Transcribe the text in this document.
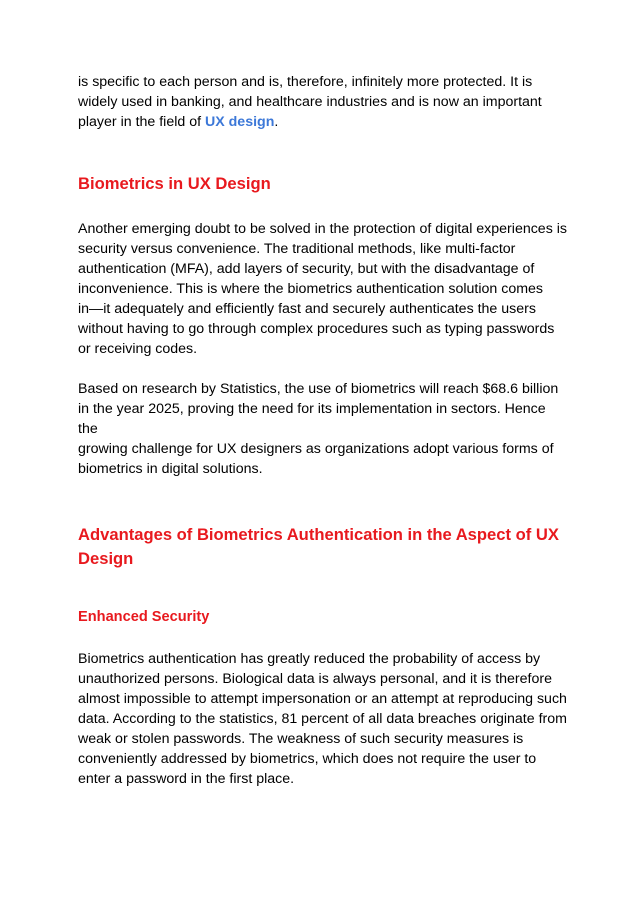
is specific to each person and is, therefore, infinitely more protected. It is
widely used in banking, and healthcare industries and is now an important
player in the field of UX design.

Biometrics in UX Design

Another emerging doubt to be solved in the protection of digital experiences is
security versus convenience. The traditional methods, like multi-factor
authentication (MFA), add layers of security, but with the disadvantage of
inconvenience. This is where the biometrics authentication solution comes
in—it adequately and efficiently fast and securely authenticates the users
without having to go through complex procedures such as typing passwords
or receiving codes.

Based on research by Statistics, the use of biometrics will reach $68.6 billion
in the year 2025, proving the need for its implementation in sectors. Hence the
growing challenge for UX designers as organizations adopt various forms of
biometrics in digital solutions.

Advantages of Biometrics Authentication in the Aspect of UX
Design
Enhanced Security

Biometrics authentication has greatly reduced the probability of access by
unauthorized persons. Biological data is always personal, and it is therefore
almost impossible to attempt impersonation or an attempt at reproducing such
data. According to the statistics, 81 percent of all data breaches originate from
weak or stolen passwords. The weakness of such security measures is
conveniently addressed by biometrics, which does not require the user to
enter a password in the first place.
